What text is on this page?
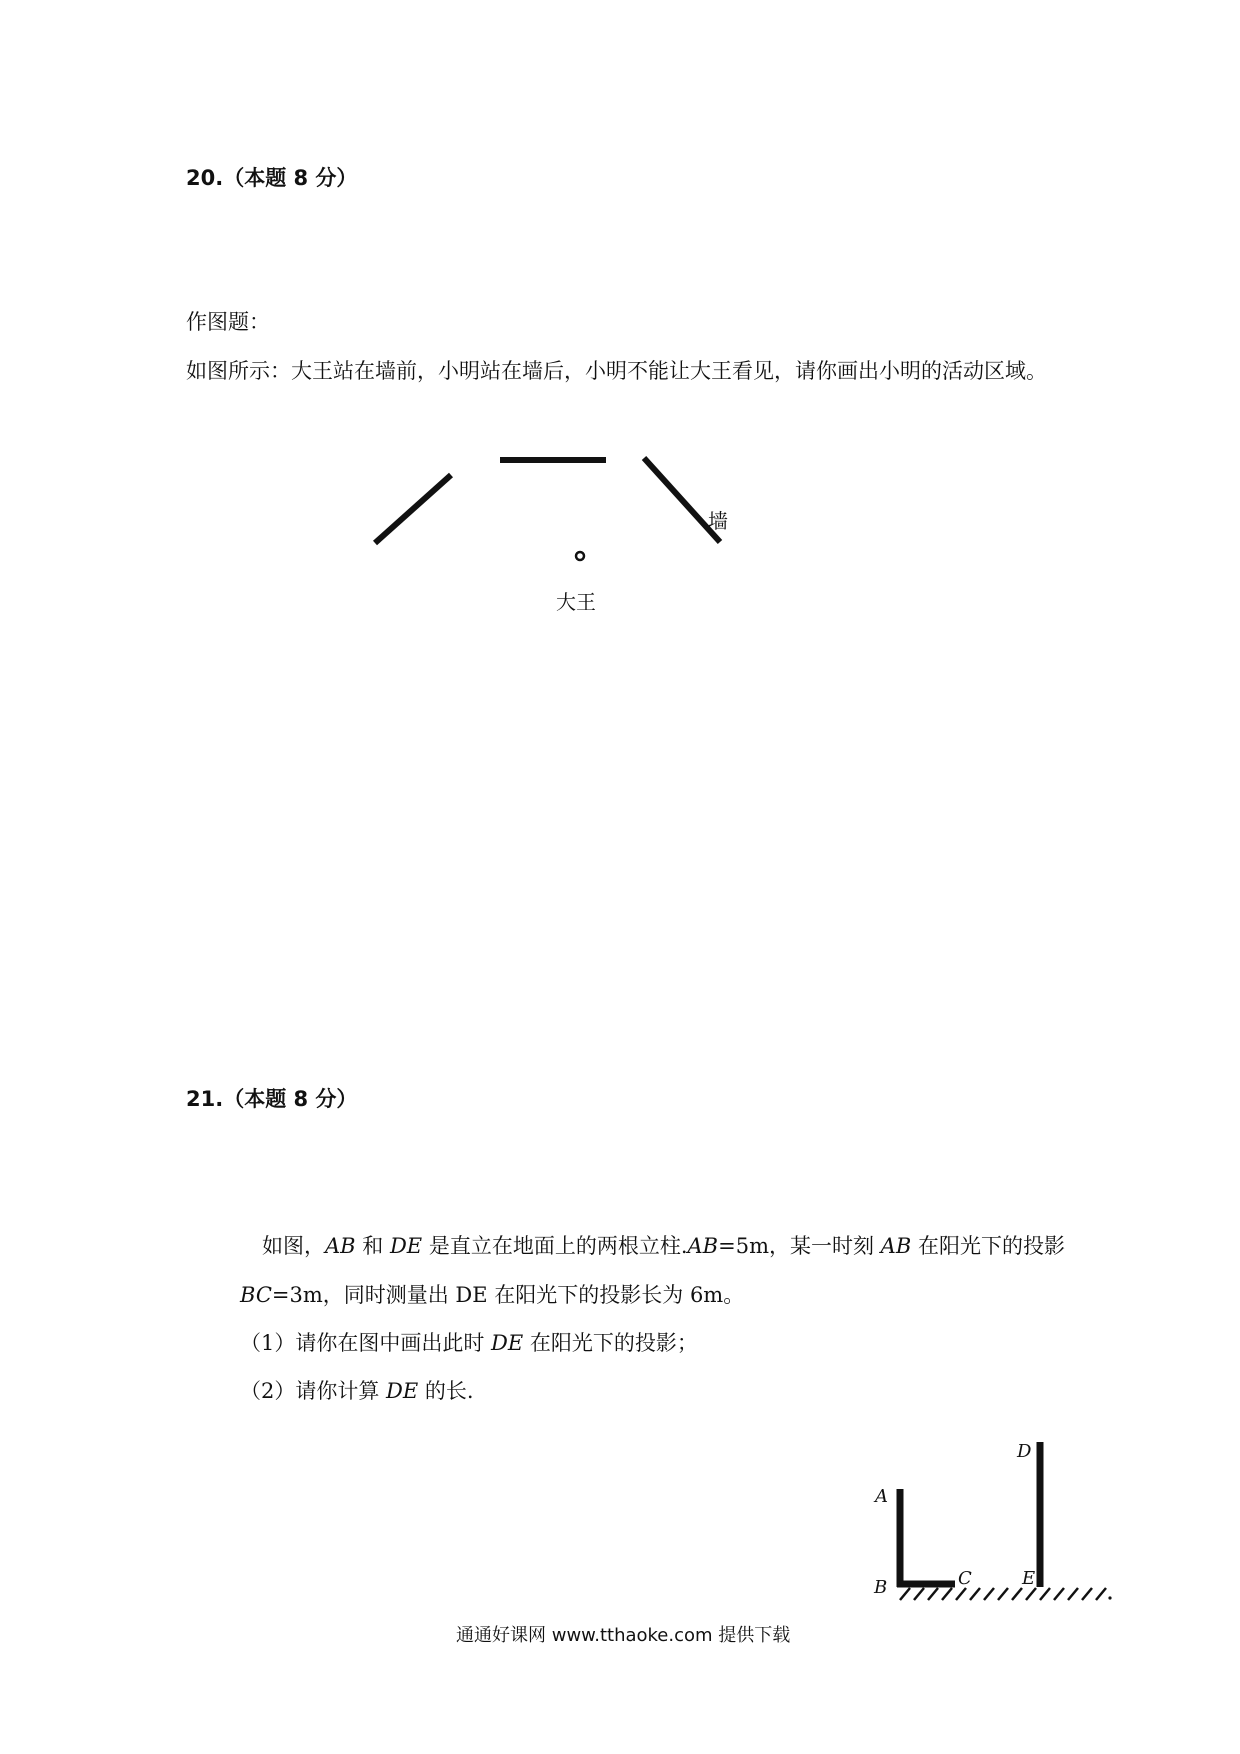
20.（本题 8 分）
作图题：
如图所示：大王站在墙前，小明站在墙后，小明不能让大王看见，请你画出小明的活动区域。
墙
大王
21.（本题 8 分）
如图，AB 和 DE 是直立在地面上的两根立柱.AB=5m，某一时刻 AB 在阳光下的投影
BC=3m，同时测量出 DE 在阳光下的投影长为 6m。
（1）请你在图中画出此时 DE 在阳光下的投影；
（2）请你计算 DE 的长.
A
B	C
D
E
通通好课网 www.tthaoke.com 提供下载
